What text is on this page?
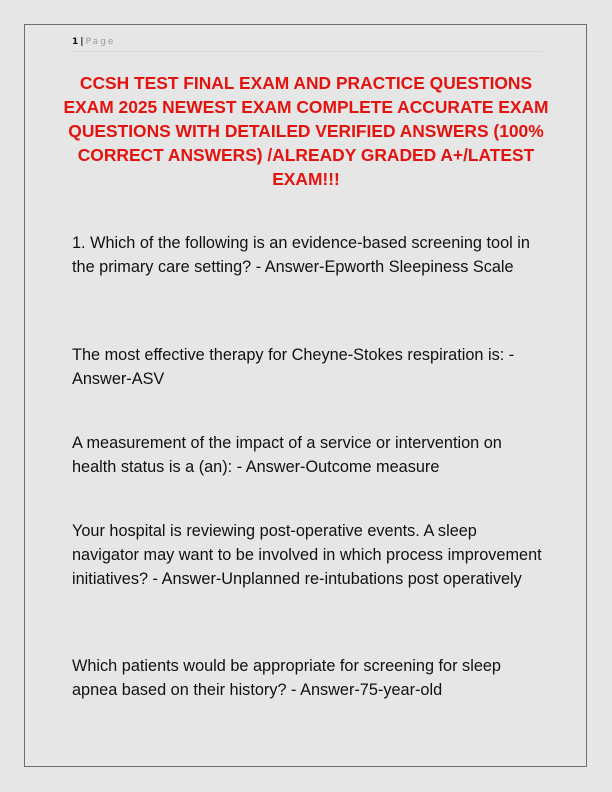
1 | Page
CCSH TEST FINAL EXAM AND PRACTICE QUESTIONS EXAM 2025 NEWEST EXAM COMPLETE ACCURATE EXAM QUESTIONS WITH DETAILED VERIFIED ANSWERS (100% CORRECT ANSWERS) /ALREADY GRADED A+/LATEST EXAM!!!
1. Which of the following is an evidence-based screening tool in the primary care setting? - Answer-Epworth Sleepiness Scale
The most effective therapy for Cheyne-Stokes respiration is: - Answer-ASV
A measurement of the impact of a service or intervention on health status is a (an): - Answer-Outcome measure
Your hospital is reviewing post-operative events. A sleep navigator may want to be involved in which process improvement initiatives? - Answer-Unplanned re-intubations post operatively
Which patients would be appropriate for screening for sleep apnea based on their history? - Answer-75-year-old
